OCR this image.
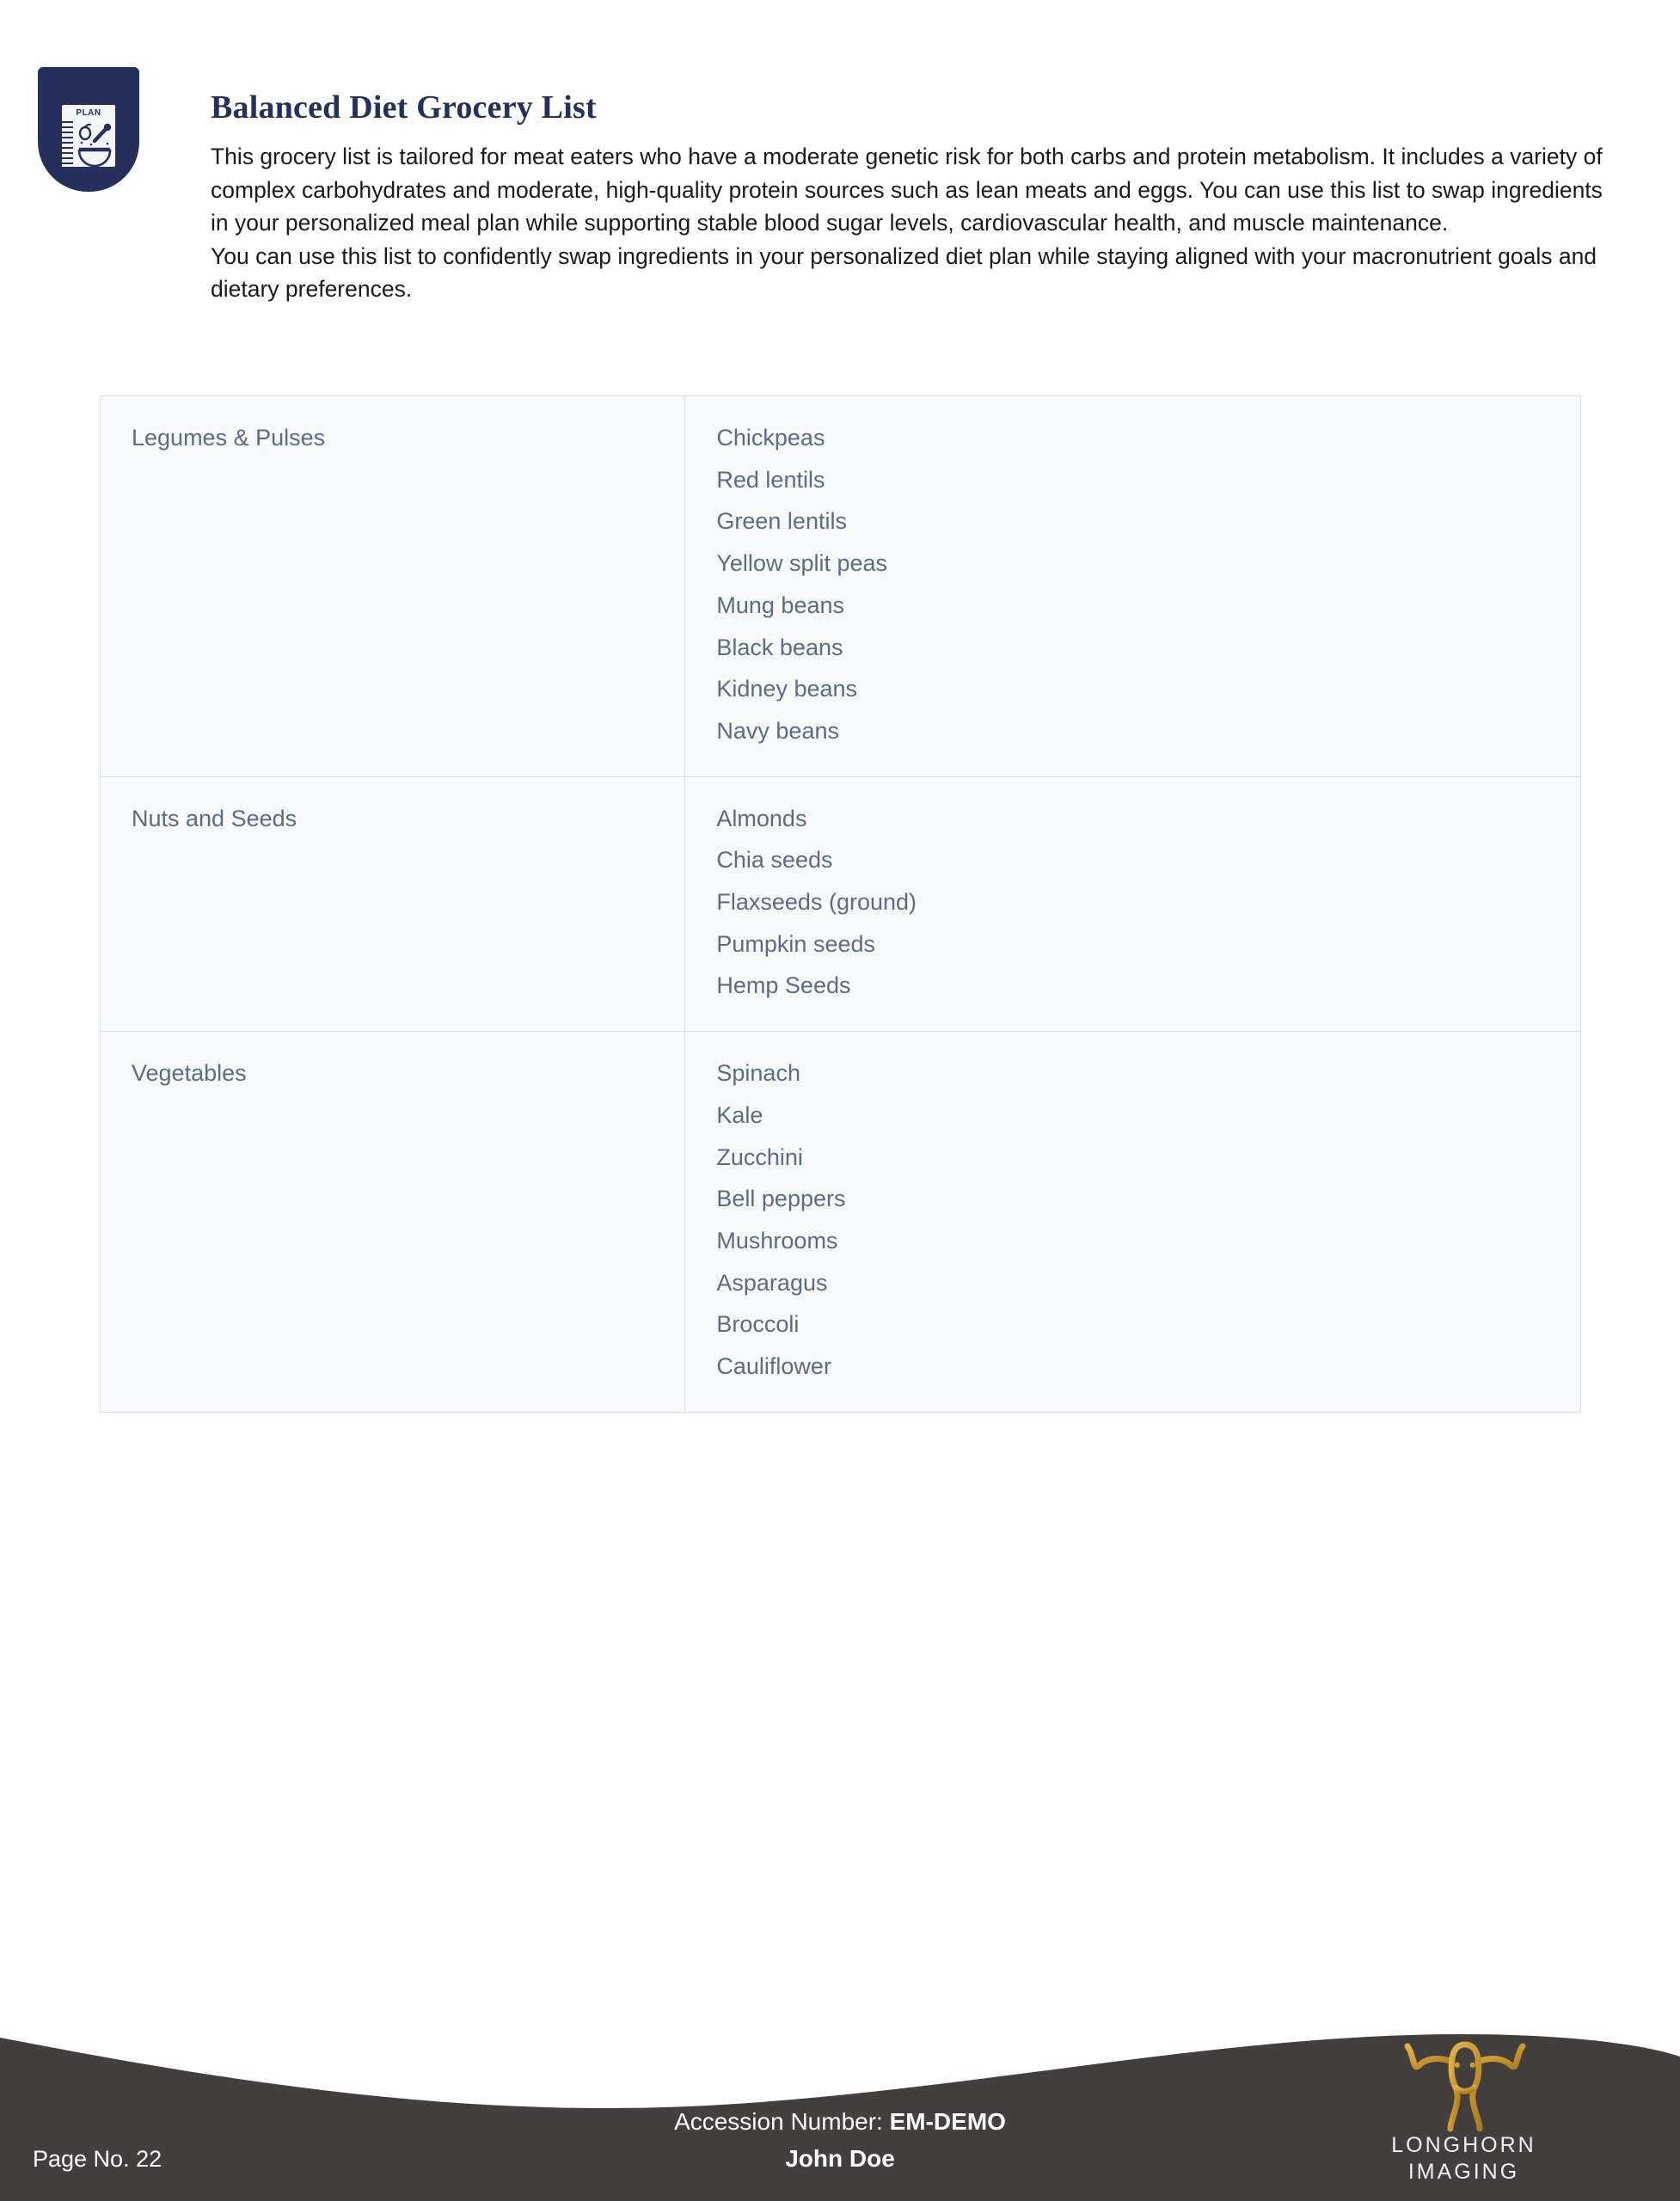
PLAN	Balanced Diet Grocery List

This grocery list is tailored for meat eaters who have a moderate genetic risk for both carbs and protein metabolism. It includes a variety of complex carbohydrates and moderate, high-quality protein sources such as lean meats and eggs. You can use this list to swap ingredients in your personalized meal plan while supporting stable blood sugar levels, cardiovascular health, and muscle maintenance.

You can use this list to confidently swap ingredients in your personalized diet plan while staying aligned with your macronutrient goals and dietary preferences.

Legumes & Pulses	Chickpeas
Red lentils
Green lentils
Yellow split peas
Mung beans
Black beans
Kidney beans
Navy beans

Nuts and Seeds	Almonds
Chia seeds
Flaxseeds (ground)
Pumpkin seeds
Hemp Seeds

Vegetables	Spinach
Kale
Zucchini
Bell peppers
Mushrooms
Asparagus
Broccoli
Cauliflower
Page No. 22
Accession Number: EM-DEMO
John Doe	LONGHORN
IMAGING
